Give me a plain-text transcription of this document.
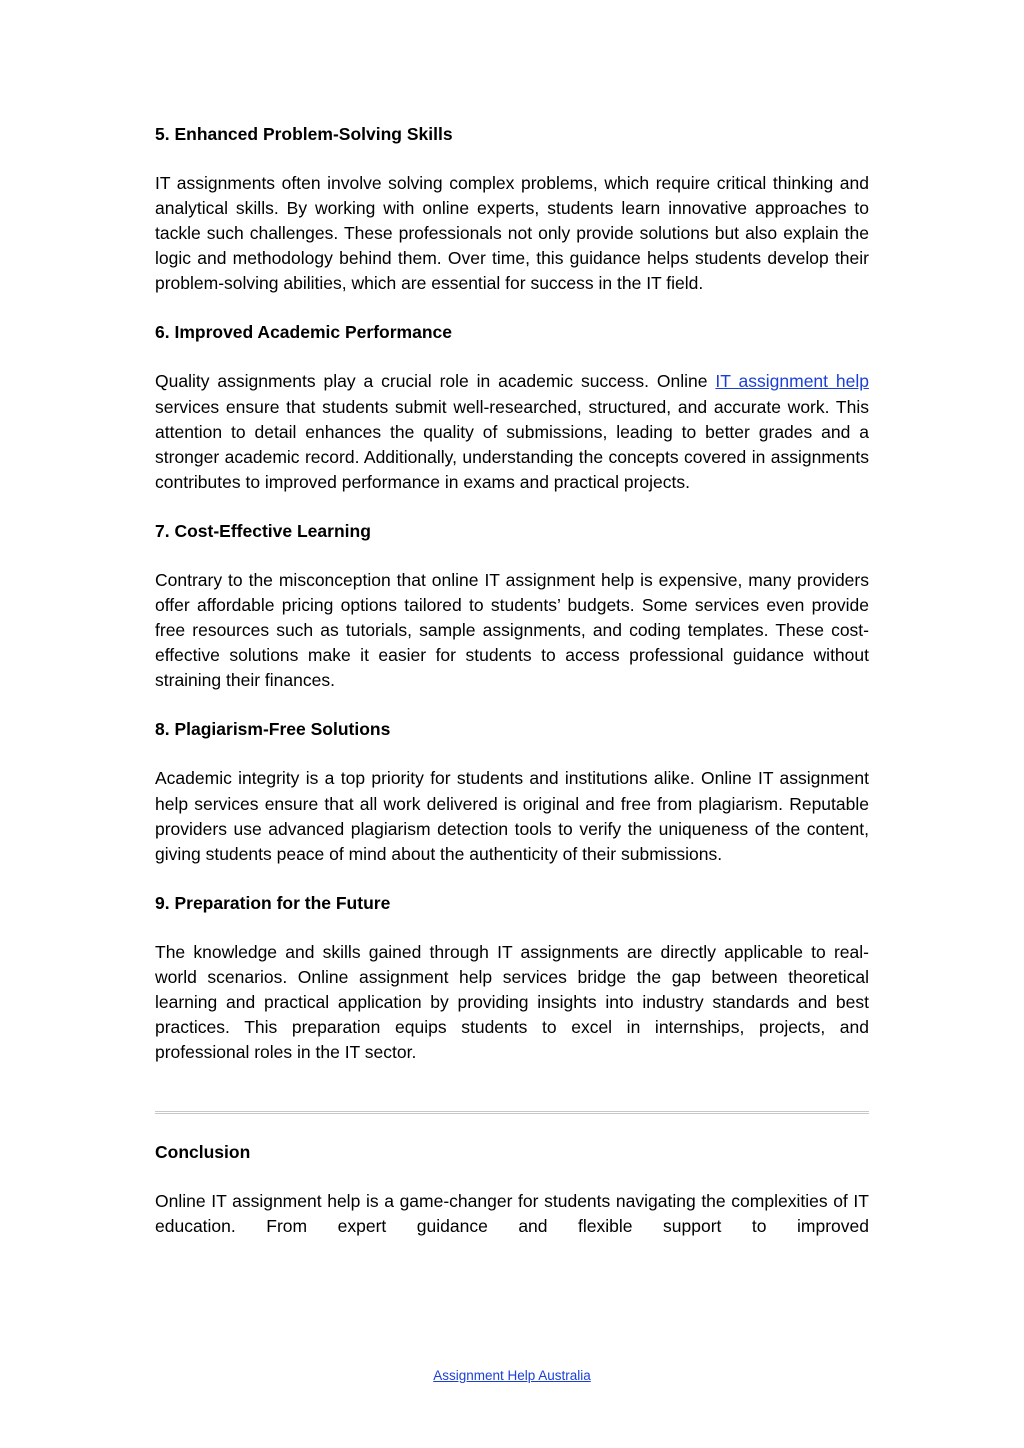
5. Enhanced Problem-Solving Skills

IT assignments often involve solving complex problems, which require critical thinking and analytical skills. By working with online experts, students learn innovative approaches to tackle such challenges. These professionals not only provide solutions but also explain the logic and methodology behind them. Over time, this guidance helps students develop their problem-solving abilities, which are essential for success in the IT field.

6. Improved Academic Performance

Quality assignments play a crucial role in academic success. Online IT assignment help services ensure that students submit well-researched, structured, and accurate work. This attention to detail enhances the quality of submissions, leading to better grades and a stronger academic record. Additionally, understanding the concepts covered in assignments contributes to improved performance in exams and practical projects.

7. Cost-Effective Learning

Contrary to the misconception that online IT assignment help is expensive, many providers offer affordable pricing options tailored to students’ budgets. Some services even provide free resources such as tutorials, sample assignments, and coding templates. These cost-effective solutions make it easier for students to access professional guidance without straining their finances.

8. Plagiarism-Free Solutions

Academic integrity is a top priority for students and institutions alike. Online IT assignment help services ensure that all work delivered is original and free from plagiarism. Reputable providers use advanced plagiarism detection tools to verify the uniqueness of the content, giving students peace of mind about the authenticity of their submissions.

9. Preparation for the Future

The knowledge and skills gained through IT assignments are directly applicable to real-world scenarios. Online assignment help services bridge the gap between theoretical learning and practical application by providing insights into industry standards and best practices. This preparation equips students to excel in internships, projects, and professional roles in the IT sector.

Conclusion

Online IT assignment help is a game-changer for students navigating the complexities of IT education. From expert guidance and flexible support to improved

Assignment Help Australia
